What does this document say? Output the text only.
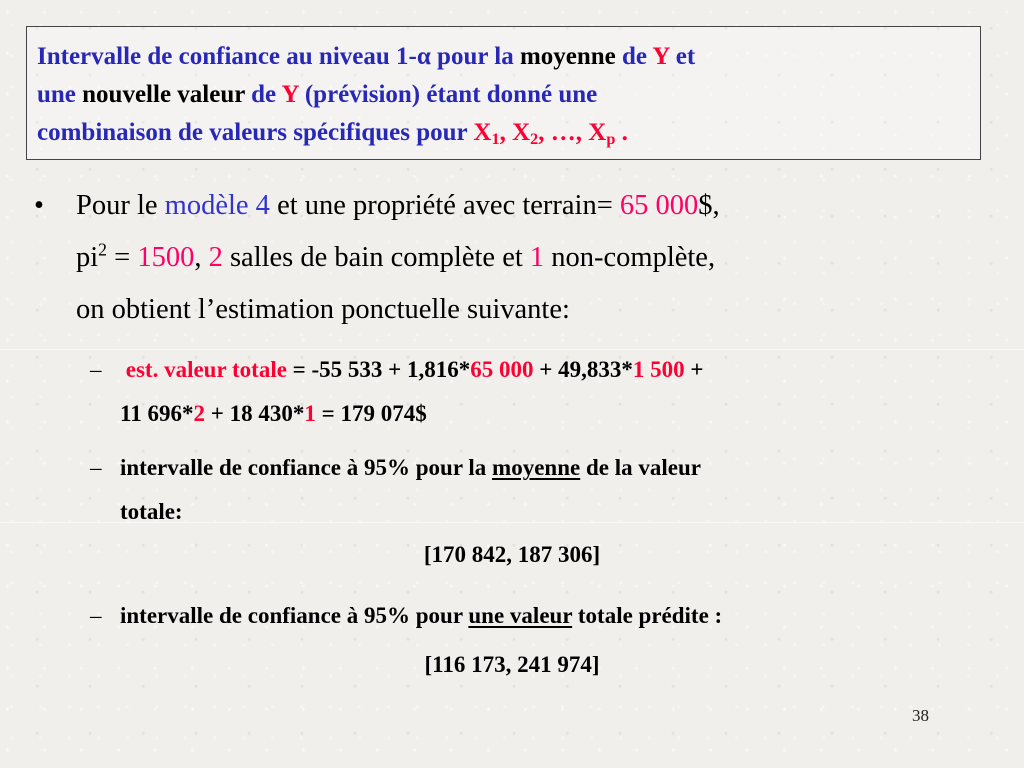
Intervalle de confiance au niveau 1-α pour la moyenne de Y et
une nouvelle valeur de Y (prévision) étant donné une
combinaison de valeurs spécifiques pour $X_1$, $X_2$, …, $X_p$ .
• Pour le modèle 4 et une propriété avec terrain= 65 000$,
$pi^2 = 1500$, 2 salles de bain complète et 1 non-complète,
on obtient l’estimation ponctuelle suivante:
– est. valeur totale = -55 533 + 1,816*65 000 + 49,833*1 500 +
11 696*2 + 18 430*1 = 179 074$
– intervalle de confiance à 95% pour la moyenne de la valeur
totale:
[170 842, 187 306]
– intervalle de confiance à 95% pour une valeur totale prédite :
[116 173, 241 974]
38
